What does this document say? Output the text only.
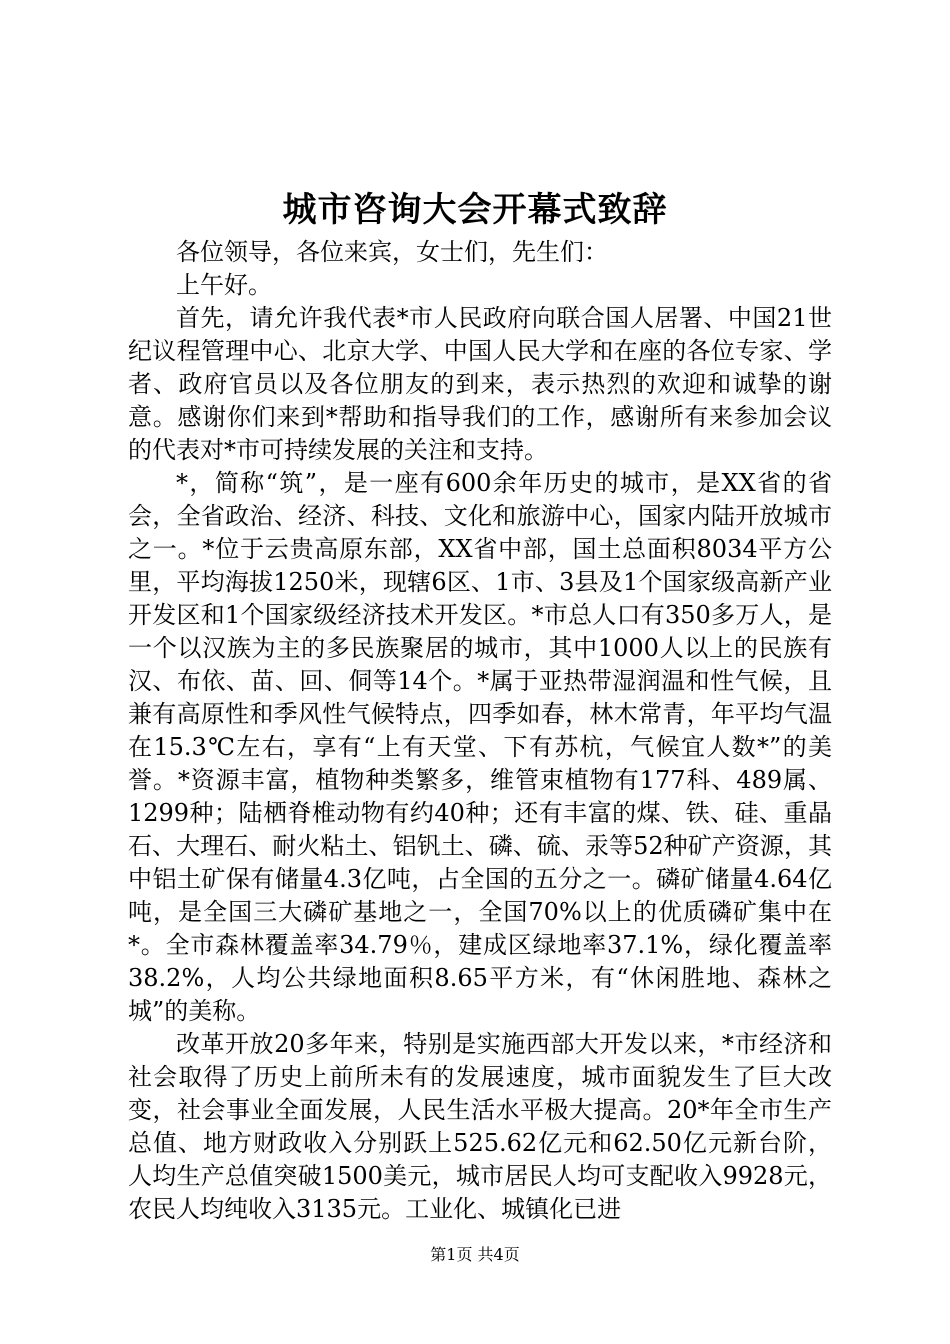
城市咨询大会开幕式致辞

各位领导，各位来宾，女士们，先生们：

上午好。

首先，请允许我代表*市人民政府向联合国人居署、中国21世纪议程管理中心、北京大学、中国人民大学和在座的各位专家、学者、政府官员以及各位朋友的到来，表示热烈的欢迎和诚挚的谢意。感谢你们来到*帮助和指导我们的工作，感谢所有来参加会议的代表对*市可持续发展的关注和支持。

*，简称“筑”，是一座有600余年历史的城市，是XX省的省会，全省政治、经济、科技、文化和旅游中心，国家内陆开放城市之一。*位于云贵高原东部，XX省中部，国土总面积8034平方公里，平均海拔1250米，现辖6区、1市、3县及1个国家级高新产业开发区和1个国家级经济技术开发区。*市总人口有350多万人，是一个以汉族为主的多民族聚居的城市，其中1000人以上的民族有汉、布依、苗、回、侗等14个。*属于亚热带湿润温和性气候，且兼有高原性和季风性气候特点，四季如春，林木常青，年平均气温在15.3℃左右，享有“上有天堂、下有苏杭，气候宜人数*”的美誉。*资源丰富，植物种类繁多，维管束植物有177科、489属、1299种；陆栖脊椎动物有约40种；还有丰富的煤、铁、硅、重晶石、大理石、耐火粘土、铝钒土、磷、硫、汞等52种矿产资源，其中铝土矿保有储量4.3亿吨，占全国的五分之一。磷矿储量4.64亿吨，是全国三大磷矿基地之一，全国70%以上的优质磷矿集中在*。全市森林覆盖率34.79％，建成区绿地率37.1%，绿化覆盖率38.2%，人均公共绿地面积8.65平方米，有“休闲胜地、森林之城”的美称。

改革开放20多年来，特别是实施西部大开发以来，*市经济和社会取得了历史上前所未有的发展速度，城市面貌发生了巨大改变，社会事业全面发展，人民生活水平极大提高。20*年全市生产总值、地方财政收入分别跃上525.62亿元和62.50亿元新台阶，人均生产总值突破1500美元，城市居民人均可支配收入9928元，农民人均纯收入3135元。工业化、城镇化已进

第1页 共4页
